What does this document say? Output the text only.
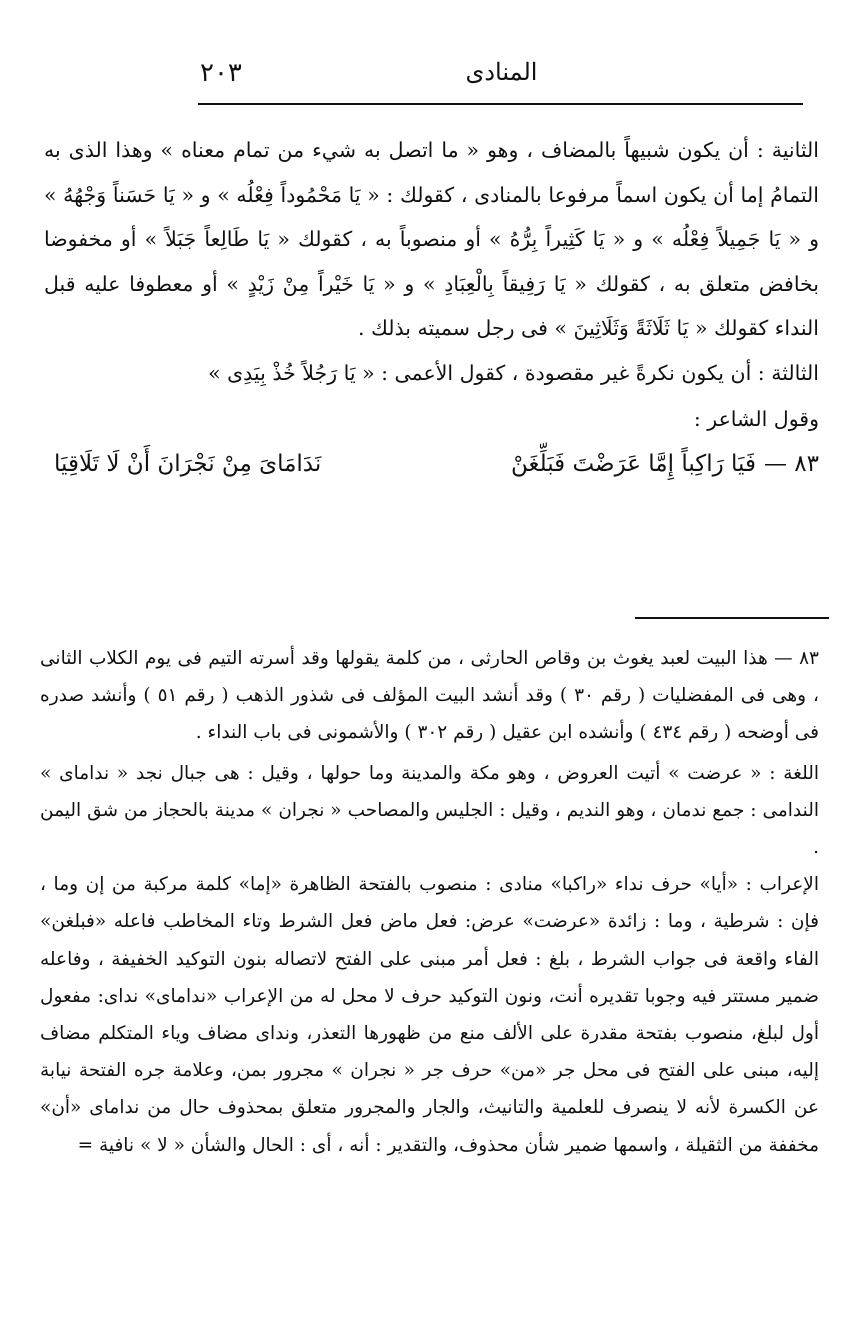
٢٠٣	المنادى

الثانية : أن يكون شبيهاً بالمضاف ، وهو « ما اتصل به شيء من تمام معناه » وهذا الذى به التمامُ إما أن يكون اسماً مرفوعا بالمنادى ، كقولك : « يَا مَحْمُوداً فِعْلُه » و « يَا حَسَناً وَجْهُهُ » و « يَا جَمِيلاً فِعْلُه » و « يَا كَثِيراً بِرُّهُ » أو منصوباً به ، كقولك « يَا طَالِعاً جَبَلاً » أو مخفوضا بخافض متعلق به ، كقولك « يَا رَفِيقاً بِالْعِبَادِ » و « يَا خَيْراً مِنْ زَيْدٍ » أو معطوفا عليه قبل النداء كقولك « يَا ثَلَاثَةً وَثَلَاثِينَ » فى رجل سميته بذلك .

الثالثة : أن يكون نكرةً غير مقصودة ، كقول الأعمى : « يَا رَجُلاً خُذْ بِيَدِى »

وقول الشاعر :

٨٣ —
فَيَا رَاكِباً إِمَّا عَرَضْتَ فَبَلِّغَنْ
نَدَامَاىَ مِنْ نَجْرَانَ أَنْ لَا تَلَاقِيَا

٨٣ — هذا البيت لعبد يغوث بن وقاص الحارثى ، من كلمة يقولها وقد أسرته التيم فى يوم الكلاب الثانى ، وهى فى المفضليات ( رقم ٣٠ ) وقد أنشد البيت المؤلف فى شذور الذهب ( رقم ٥١ ) وأنشد صدره فى أوضحه ( رقم ٤٣٤ ) وأنشده ابن عقيل ( رقم ٣٠٢ ) والأشمونى فى باب النداء .

اللغة : « عرضت » أتيت العروض ، وهو مكة والمدينة وما حولها ، وقيل : هى جبال نجد « نداماى » الندامى : جمع ندمان ، وهو النديم ، وقيل : الجليس والمصاحب « نجران » مدينة بالحجاز من شق اليمن .

الإعراب : «أيا» حرف نداء «راكبا» منادى : منصوب بالفتحة الظاهرة «إما» كلمة مركبة من إن وما ، فإن : شرطية ، وما : زائدة «عرضت» عرض: فعل ماض فعل الشرط وتاء المخاطب فاعله «فبلغن» الفاء واقعة فى جواب الشرط ، بلغ : فعل أمر مبنى على الفتح لاتصاله بنون التوكيد الخفيفة ، وفاعله ضمير مستتر فيه وجوبا تقديره أنت، ونون التوكيد حرف لا محل له من الإعراب «نداماى» نداى: مفعول أول لبلغ، منصوب بفتحة مقدرة على الألف منع من ظهورها التعذر، ونداى مضاف وياء المتكلم مضاف إليه، مبنى على الفتح فى محل جر «من» حرف جر « نجران » مجرور بمن، وعلامة جره الفتحة نيابة عن الكسرة لأنه لا ينصرف للعلمية والتانيث، والجار والمجرور متعلق بمحذوف حال من نداماى «أن» مخففة من الثقيلة ، واسمها ضمير شأن محذوف، والتقدير : أنه ، أى : الحال والشأن « لا » نافية =
